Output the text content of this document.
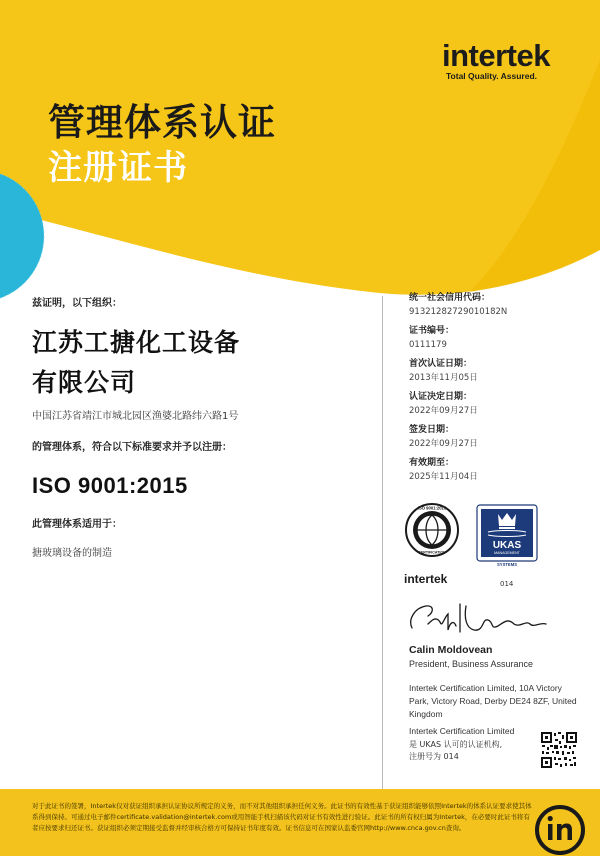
intertek
Total Quality. Assured.
管理体系认证
注册证书
兹证明，以下组织：
江苏工搪化工设备
有限公司
中国江苏省靖江市城北园区渔婆北路纬六路1号
的管理体系，符合以下标准要求并予以注册：
ISO 9001:2015
此管理体系适用于：
搪玻璃设备的制造
统一社会信用代码：
91321282729010182N
证书编号：
0111179
首次认证日期：
2013年11月05日
认证决定日期：
2022年09月27日
签发日期：
2022年09月27日
有效期至：
2025年11月04日
ISO 9001:2015
CERTIFICATION
intertek
UKAS
MANAGEMENT
SYSTEMS
014
Calin Moldovean
President, Business Assurance
Intertek Certification Limited, 10A Victory Park, Victory Road, Derby DE24 8ZF, United Kingdom
Intertek Certification Limited
是 UKAS 认可的认证机构,
注册号为 014
对于此证书的签署，Intertek仅对获证组织承担认证协议所规定的义务，而不对其他组织承担任何义务。此证书的有效性基于获证组织能够依照Intertek的体系认证要求使其体系得到保持。可通过电子邮件certificate.validation@intertek.com或用智能手机扫描该代码对证书有效性进行验证。此证书的所有权归属为Intertek，在必要时此证书将有者应按要求归还证书。获证组织必须定期接受监督并经审核合格方可保持证书年度有效。证书信息可在国家认监委官网http://www.cnca.gov.cn查询。
